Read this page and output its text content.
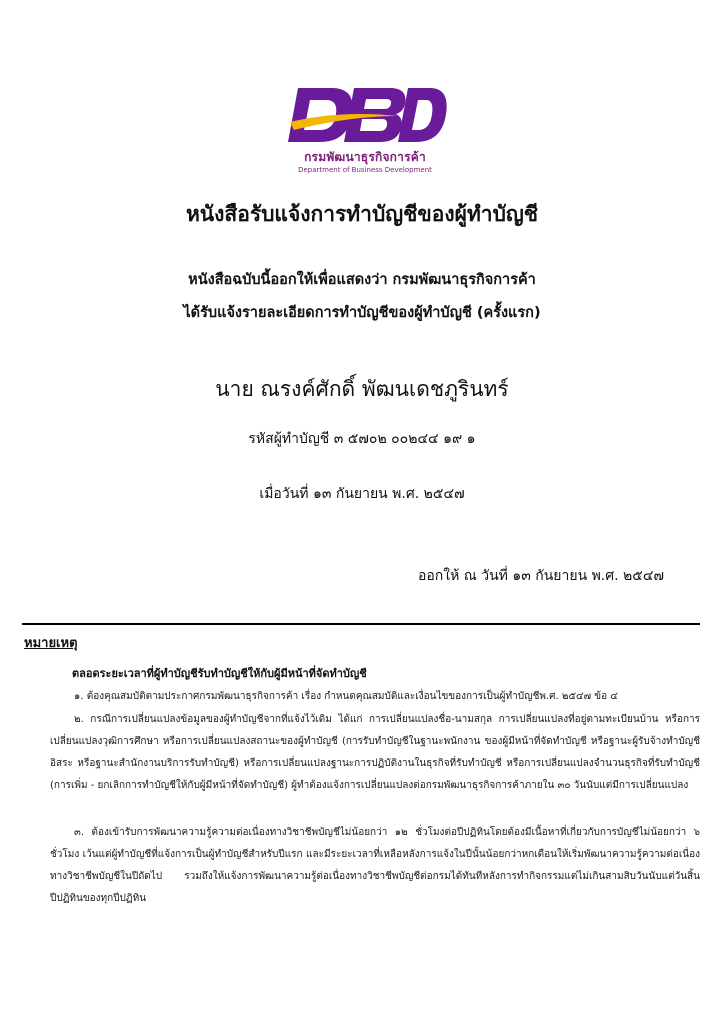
กรมพัฒนาธุรกิจการค้า
Department of Business Development
หนังสือรับแจ้งการทำบัญชีของผู้ทำบัญชี
หนังสือฉบับนี้ออกให้เพื่อแสดงว่า กรมพัฒนาธุรกิจการค้า
ได้รับแจ้งรายละเอียดการทำบัญชีของผู้ทำบัญชี (ครั้งแรก)
นาย ณรงค์ศักดิ์ พัฒนเดชภูรินทร์
รหัสผู้ทำบัญชี ๓ ๕๗๐๒ ๐๐๒๔๔ ๑๙ ๑
เมื่อวันที่ ๑๓ กันยายน พ.ศ. ๒๕๔๗
ออกให้ ณ วันที่ ๑๓ กันยายน พ.ศ. ๒๕๔๗
หมายเหตุ
ตลอดระยะเวลาที่ผู้ทำบัญชีรับทำบัญชีให้กับผู้มีหน้าที่จัดทำบัญชี
๑. ต้องคุณสมบัติตามประกาศกรมพัฒนาธุรกิจการค้า เรื่อง กำหนดคุณสมบัติและเงื่อนไขของการเป็นผู้ทำบัญชีพ.ศ. ๒๕๔๗ ข้อ ๔
๒. กรณีการเปลี่ยนแปลงข้อมูลของผู้ทำบัญชีจากที่แจ้งไว้เดิม ได้แก่ การเปลี่ยนแปลงชื่อ-นามสกุล การเปลี่ยนแปลงที่อยู่ตามทะเบียนบ้าน หรือการเปลี่ยนแปลงวุฒิการศึกษา หรือการเปลี่ยนแปลงสถานะของผู้ทำบัญชี (การรับทำบัญชีในฐานะพนักงาน ของผู้มีหน้าที่จัดทำบัญชี หรือฐานะผู้รับจ้างทำบัญชีอิสระ หรือฐานะสำนักงานบริการรับทำบัญชี) หรือการเปลี่ยนแปลงฐานะการปฏิบัติงานในธุรกิจที่รับทำบัญชี หรือการเปลี่ยนแปลงจำนวนธุรกิจที่รับทำบัญชี (การเพิ่ม - ยกเลิกการทำบัญชีให้กับผู้มีหน้าที่จัดทำบัญชี) ผู้ทำต้องแจ้งการเปลี่ยนแปลงต่อกรมพัฒนาธุรกิจการค้าภายใน ๓๐ วันนับแต่มีการเปลี่ยนแปลง
๓. ต้องเข้ารับการพัฒนาความรู้ความต่อเนื่องทางวิชาชีพบัญชีไม่น้อยกว่า ๑๒ ชั่วโมงต่อปีปฏิทินโดยต้องมีเนื้อหาที่เกี่ยวกับการบัญชีไม่น้อยกว่า ๖ ชั่วโมง เว้นแต่ผู้ทำบัญชีที่แจ้งการเป็นผู้ทำบัญชีสำหรับปีแรก และมีระยะเวลาที่เหลือหลังการแจ้งในปีนั้นน้อยกว่าหกเดือนให้เริ่มพัฒนาความรู้ความต่อเนื่องทางวิชาชีพบัญชีในปีถัดไป รวมถึงให้แจ้งการพัฒนาความรู้ต่อเนื่องทางวิชาชีพบัญชีต่อกรมได้ทันทีหลังการทำกิจกรรมแต่ไม่เกินสามสิบวันนับแต่วันสิ้นปีปฏิทินของทุกปีปฏิทิน
